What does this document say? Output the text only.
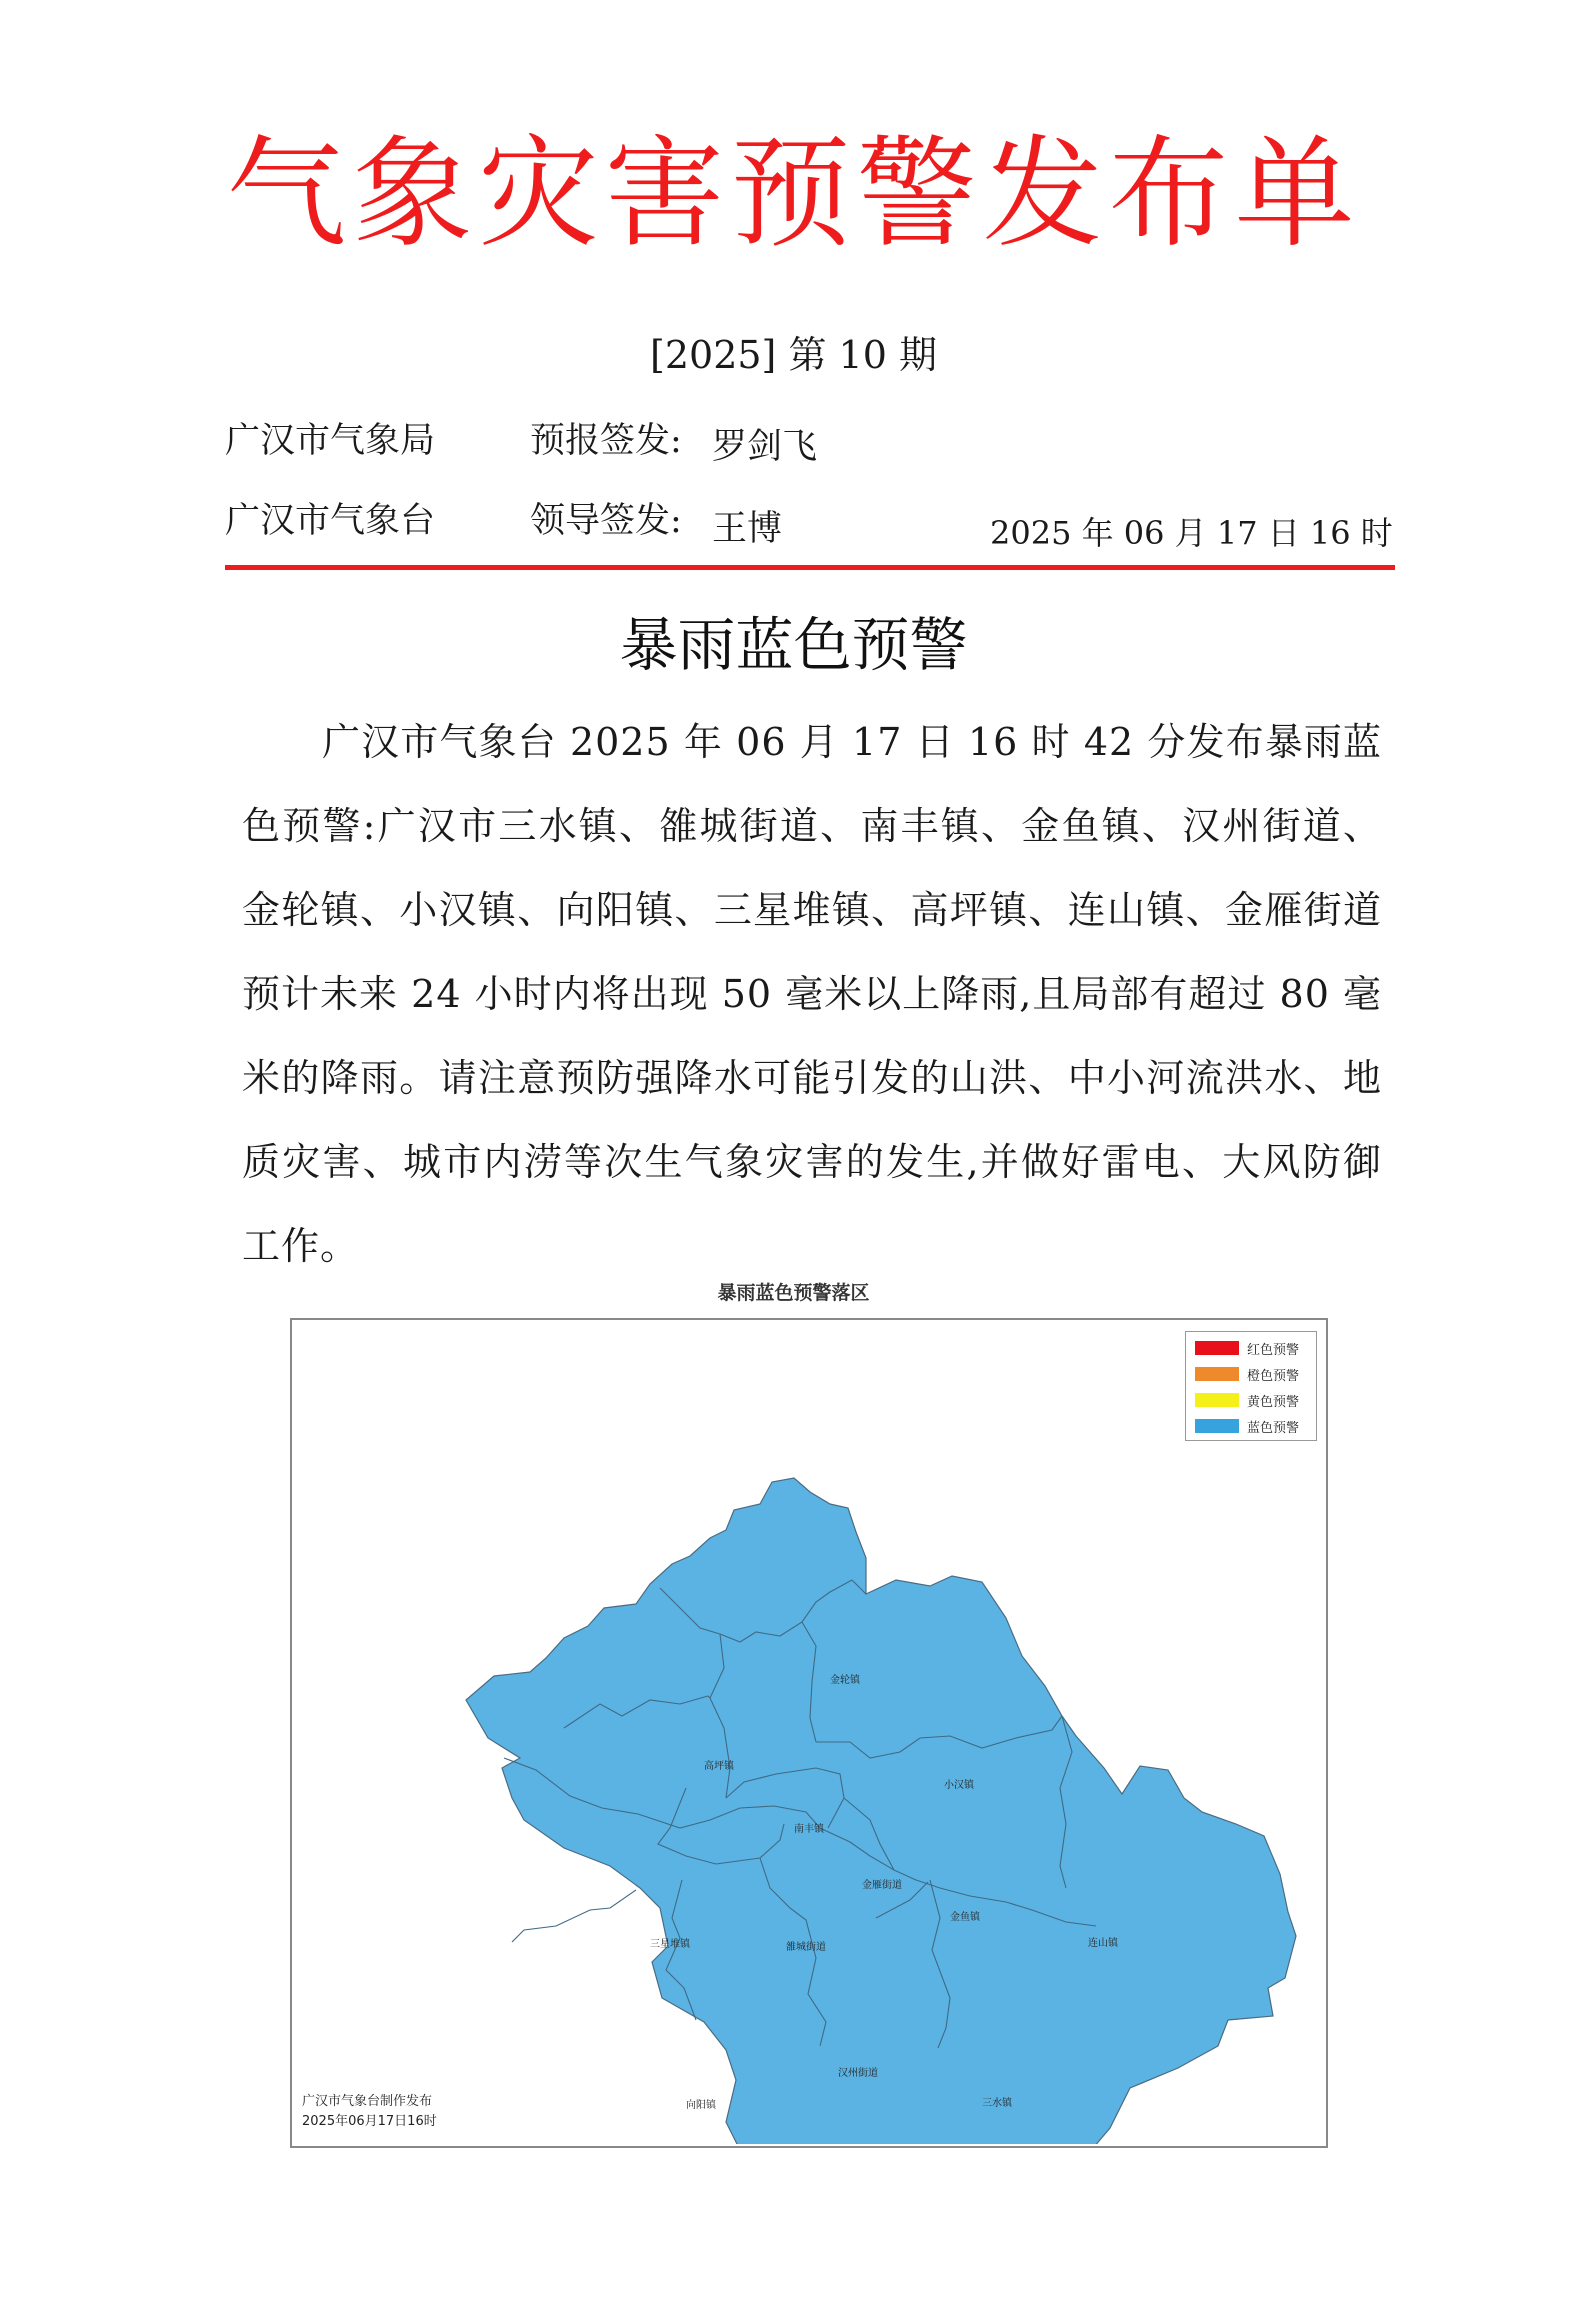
气象灾害预警发布单
[2025] 第 10 期
广汉市气象局	预报签发: 罗剑飞
广汉市气象台	领导签发: 王博	2025 年 06 月 17 日 16 时
暴雨蓝色预警
广汉市气象台 2025 年 06 月 17 日 16 时 42 分发布暴雨蓝色预警:广汉市三水镇、雒城街道、南丰镇、金鱼镇、汉州街道、金轮镇、小汉镇、向阳镇、三星堆镇、高坪镇、连山镇、金雁街道预计未来 24 小时内将出现 50 毫米以上降雨,且局部有超过 80 毫米的降雨。请注意预防强降水可能引发的山洪、中小河流洪水、地质灾害、城市内涝等次生气象灾害的发生,并做好雷电、大风防御工作。
暴雨蓝色预警落区
金轮镇
高坪镇
小汉镇
南丰镇
金雁街道
三星堆镇	雒城街道
金鱼镇
连山镇
汉州街道
三水镇
向阳镇
红色预警
橙色预警
黄色预警
蓝色预警
广汉市气象台制作发布
2025年06月17日16时
